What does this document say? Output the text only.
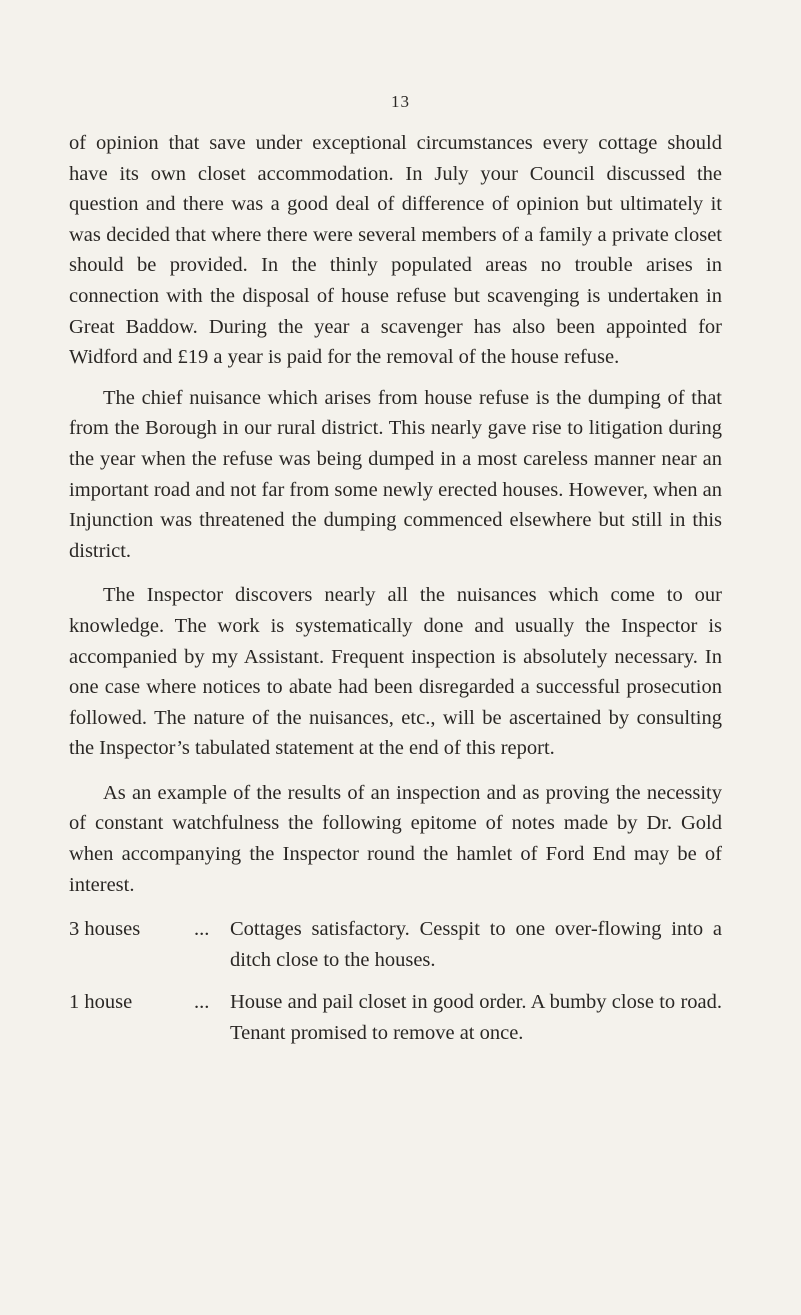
13

of opinion that save under exceptional circumstances every cottage should have its own closet accommodation. In July your Council discussed the question and there was a good deal of difference of opinion but ultimately it was decided that where there were several members of a family a private closet should be provided. In the thinly populated areas no trouble arises in connection with the disposal of house refuse but scavenging is undertaken in Great Baddow. During the year a scavenger has also been appointed for Widford and £19 a year is paid for the removal of the house refuse.

The chief nuisance which arises from house refuse is the dumping of that from the Borough in our rural district. This nearly gave rise to litigation during the year when the refuse was being dumped in a most careless manner near an important road and not far from some newly erected houses. However, when an Injunction was threatened the dumping commenced elsewhere but still in this district.

The Inspector discovers nearly all the nuisances which come to our knowledge. The work is systematically done and usually the Inspector is accompanied by my Assistant. Frequent inspection is absolutely necessary. In one case where notices to abate had been disregarded a successful prosecution followed. The nature of the nuisances, etc., will be ascertained by consulting the Inspector’s tabulated statement at the end of this report.

As an example of the results of an inspection and as proving the necessity of constant watchfulness the following epitome of notes made by Dr. Gold when accompanying the Inspector round the hamlet of Ford End may be of interest.

3 houses	...	Cottages satisfactory. Cesspit to one over-flowing into a ditch close to the houses.
1 house	...	House and pail closet in good order. A bumby close to road. Tenant promised to remove at once.
